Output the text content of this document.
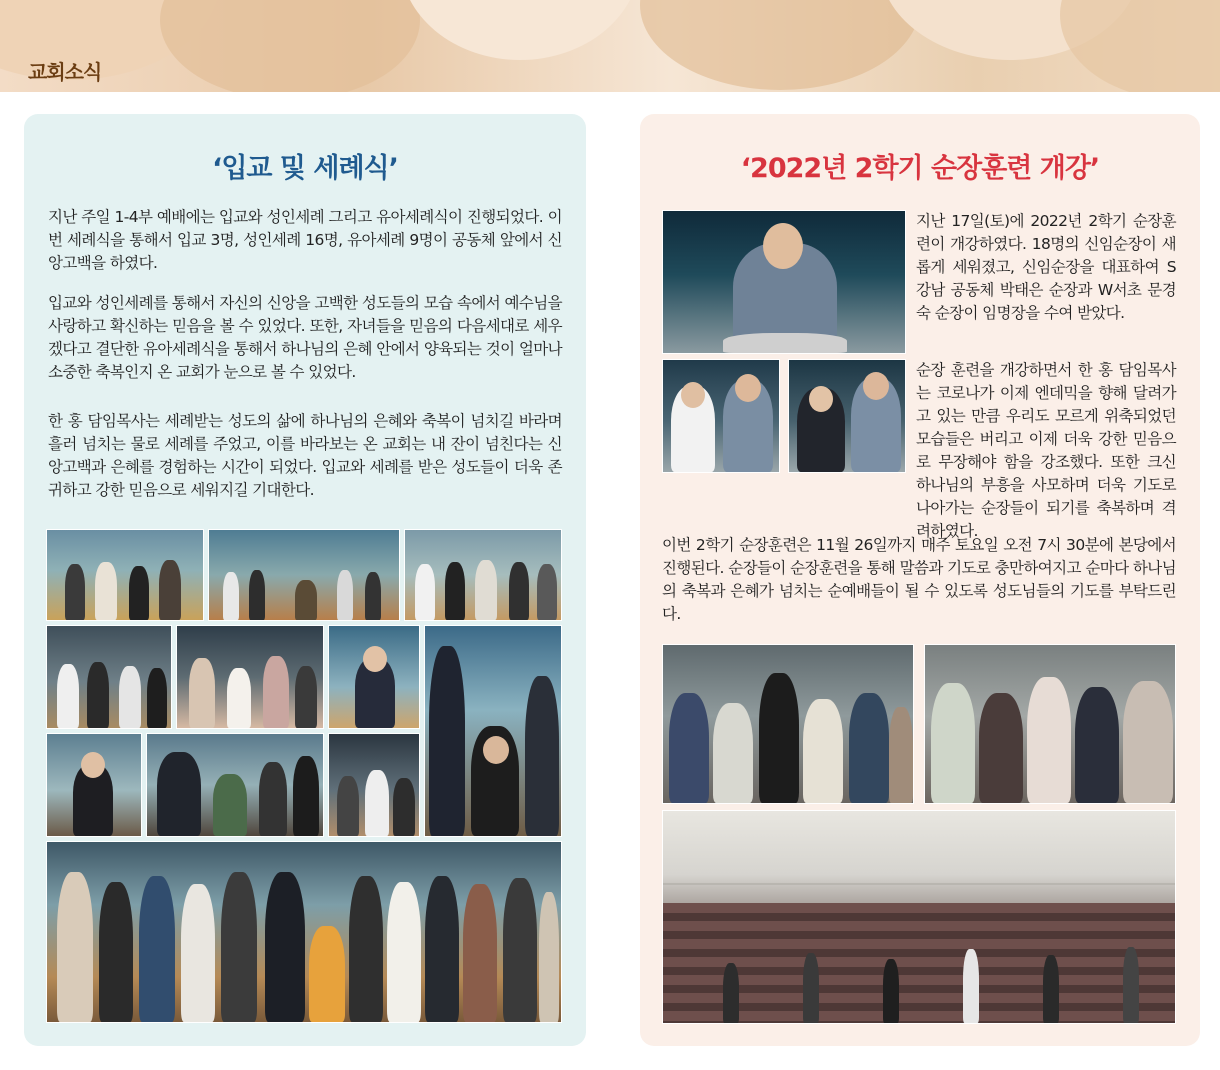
교회소식
‘입교 및 세례식’

지난 주일 1-4부 예배에는 입교와 성인세례 그리고 유아세례식이 진행되었다. 이번 세례식을 통해서 입교 3명, 성인세례 16명, 유아세례 9명이 공동체 앞에서 신앙고백을 하였다.

입교와 성인세례를 통해서 자신의 신앙을 고백한 성도들의 모습 속에서 예수님을 사랑하고 확신하는 믿음을 볼 수 있었다. 또한, 자녀들을 믿음의 다음세대로 세우겠다고 결단한 유아세례식을 통해서 하나님의 은혜 안에서 양육되는 것이 얼마나 소중한 축복인지 온 교회가 눈으로 볼 수 있었다.

한 홍 담임목사는 세례받는 성도의 삶에 하나님의 은혜와 축복이 넘치길 바라며 흘러 넘치는 물로 세례를 주었고, 이를 바라보는 온 교회는 내 잔이 넘친다는 신앙고백과 은혜를 경험하는 시간이 되었다. 입교와 세례를 받은 성도들이 더욱 존귀하고 강한 믿음으로 세워지길 기대한다.

‘2022년 2학기 순장훈련 개강’

지난 17일(토)에 2022년 2학기 순장훈련이 개강하였다. 18명의 신임순장이 새롭게 세워졌고, 신임순장을 대표하여 S강남 공동체 박태은 순장과 W서초 문경숙 순장이 임명장을 수여 받았다.

순장 훈련을 개강하면서 한 홍 담임목사는 코로나가 이제 엔데믹을 향해 달려가고 있는 만큼 우리도 모르게 위축되었던 모습들은 버리고 이제 더욱 강한 믿음으로 무장해야 함을 강조했다. 또한 크신 하나님의 부흥을 사모하며 더욱 기도로 나아가는 순장들이 되기를 축복하며 격려하였다.

이번 2학기 순장훈련은 11월 26일까지 매주 토요일 오전 7시 30분에 본당에서 진행된다. 순장들이 순장훈련을 통해 말씀과 기도로 충만하여지고 순마다 하나님의 축복과 은혜가 넘치는 순예배들이 될 수 있도록 성도님들의 기도를 부탁드린다.
